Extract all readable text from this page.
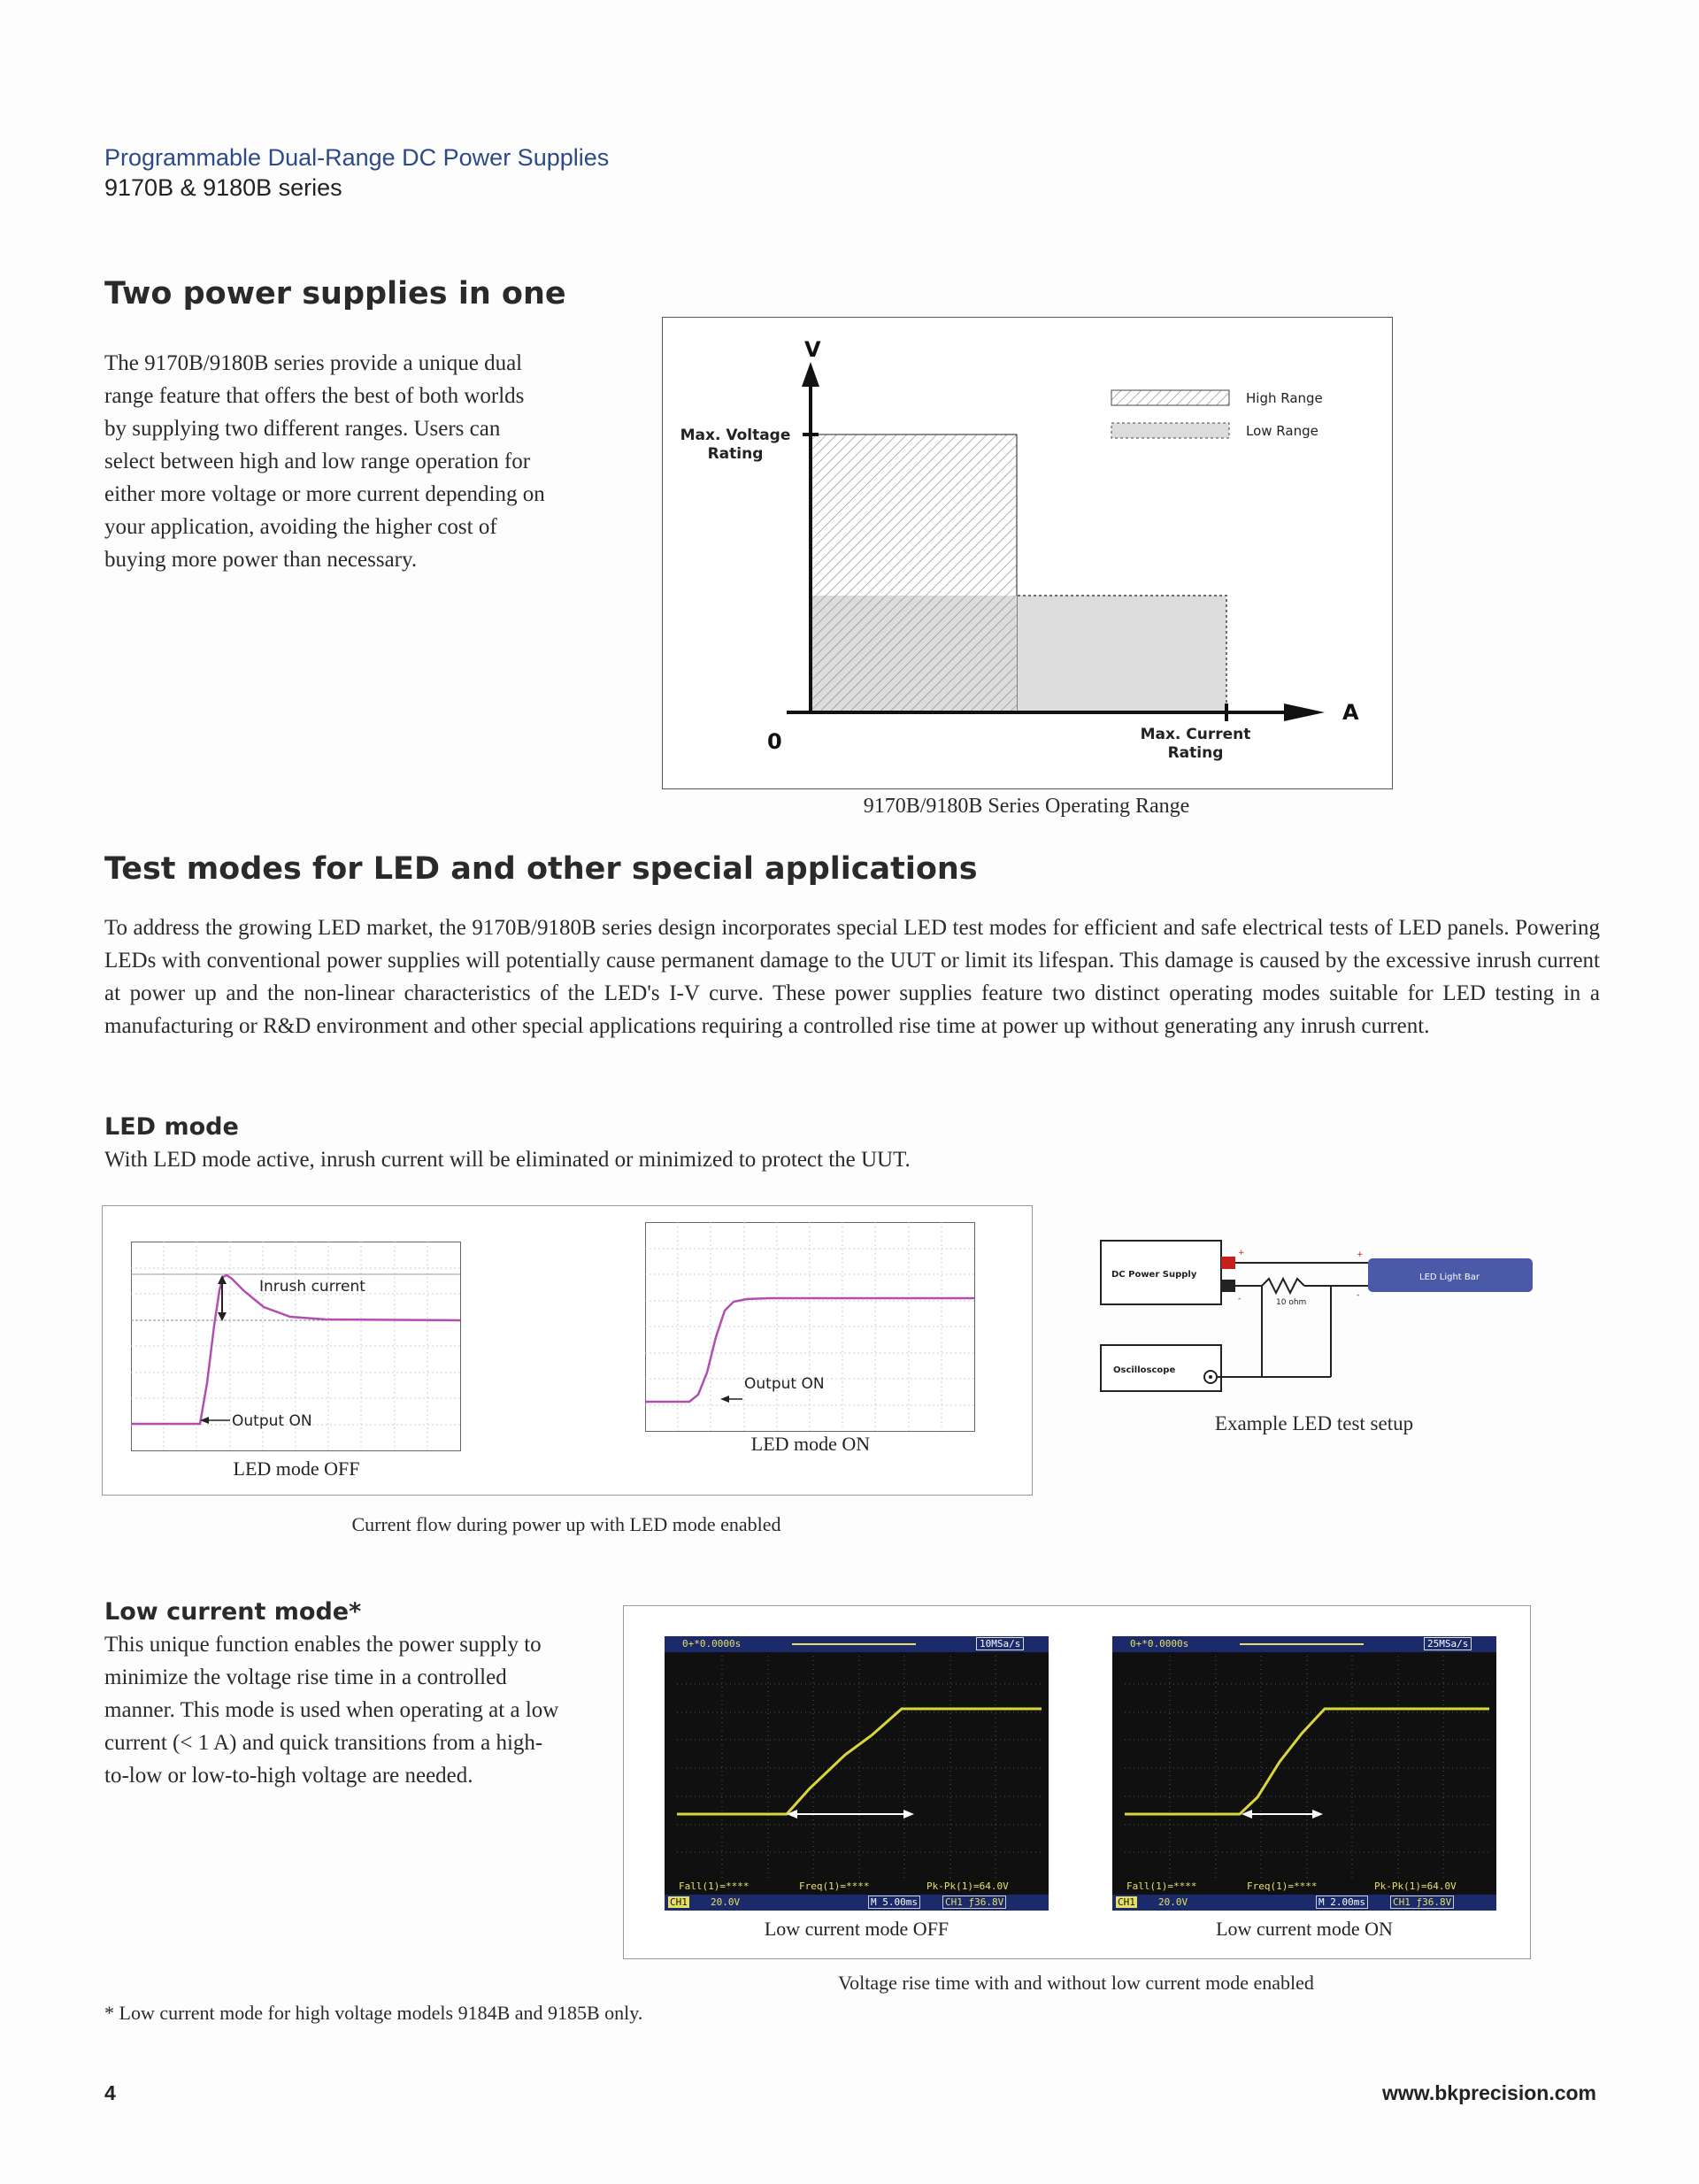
Programmable Dual-Range DC Power Supplies
9170B & 9180B series
Two power supplies in one
The 9170B/9180B series provide a unique dual range feature that offers the best of both worlds by supplying two different ranges. Users can select between high and low range operation for either more voltage or more current depending on your application, avoiding the higher cost of buying more power than necessary.
V
A
0
Max. Voltage
Rating
Max. Current
Rating
High Range
Low Range
9170B/9180B Series Operating Range
Test modes for LED and other special applications
To address the growing LED market, the 9170B/9180B series design incorporates special LED test modes for efficient and safe electrical tests of LED panels. Powering LEDs with conventional power supplies will potentially cause permanent damage to the UUT or limit its lifespan. This damage is caused by the excessive inrush current at power up and the non-linear characteristics of the LED's I-V curve. These power supplies feature two distinct operating modes suitable for LED testing in a manufacturing or R&D environment and other special applications requiring a controlled rise time at power up without generating any inrush current.
LED mode
With LED mode active, inrush current will be eliminated or minimized to protect the UUT.
Inrush current
Output ON
LED mode OFF
Output ON
LED mode ON
Current flow during power up with LED mode enabled
DC Power Supply
+
-	10 ohm
+
-
LED Light Bar
Oscilloscope
Example LED test setup
Low current mode*
This unique function enables the power supply to minimize the voltage rise time in a controlled manner. This mode is used when operating at a low current (< 1 A) and quick transitions from a high-to-low or low-to-high voltage are needed.
0+*0.0000s	10MSa/s
Fall(1)=****	Freq(1)=****	Pk-Pk(1)=64.0V
CH1 20.0V	M 5.00ms	CH1 ƒ36.8V
Low current mode OFF
0+*0.0000s	25MSa/s
Fall(1)=****	Freq(1)=****	Pk-Pk(1)=64.0V
CH1 20.0V	M 2.00ms	CH1 ƒ36.8V
Low current mode ON
Voltage rise time with and without low current mode enabled
* Low current mode for high voltage models 9184B and 9185B only.
4	www.bkprecision.com
